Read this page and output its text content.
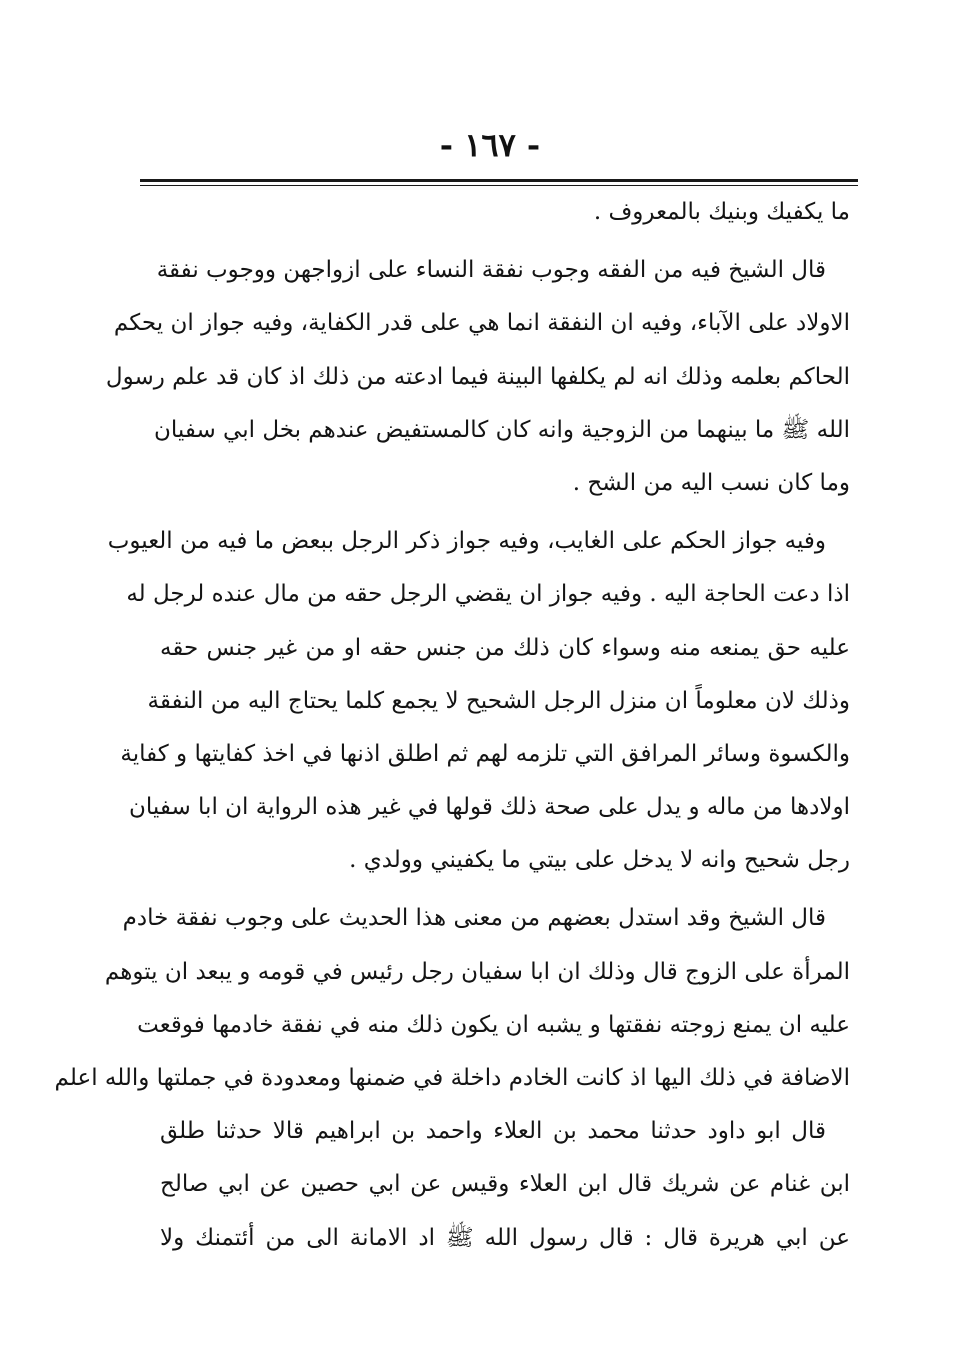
- ١٦٧ -
ما يكفيك وبنيك بالمعروف .
قال الشيخ فيه من الفقه وجوب نفقة النساء على ازواجهن ووجوب نفقة
الاولاد على الآباء، وفيه ان النفقة انما هي على قدر الكفاية، وفيه جواز ان يحكم
الحاكم بعلمه وذلك انه لم يكلفها البينة فيما ادعته من ذلك اذ كان قد علم رسول
الله ﷺ ما بينهما من الزوجية وانه كان كالمستفيض عندهم بخل ابي سفيان
وما كان نسب اليه من الشح .
وفيه جواز الحكم على الغايب، وفيه جواز ذكر الرجل ببعض ما فيه من العيوب
اذا دعت الحاجة اليه . وفيه جواز ان يقضي الرجل حقه من مال عنده لرجل له
عليه حق يمنعه منه وسواء كان ذلك من جنس حقه او من غير جنس حقه
وذلك لان معلوماً ان منزل الرجل الشحيح لا يجمع كلما يحتاج اليه من النفقة
والكسوة وسائر المرافق التي تلزمه لهم ثم اطلق اذنها في اخذ كفايتها و كفاية
اولادها من ماله و يدل على صحة ذلك قولها في غير هذه الرواية ان ابا سفيان
رجل شحيح وانه لا يدخل على بيتي ما يكفيني وولدي .
قال الشيخ وقد استدل بعضهم من معنى هذا الحديث على وجوب نفقة خادم
المرأة على الزوج قال وذلك ان ابا سفيان رجل رئيس في قومه و يبعد ان يتوهم
عليه ان يمنع زوجته نفقتها و يشبه ان يكون ذلك منه في نفقة خادمها فوقعت
الاضافة في ذلك اليها اذ كانت الخادم داخلة في ضمنها ومعدودة في جملتها والله اعلم
قال ابو داود حدثنا محمد بن العلاء واحمد بن ابراهيم قالا حدثنا طلق
ابن غنام عن شريك قال ابن العلاء وقيس عن ابي حصين عن ابي صالح
عن ابي هريرة قال : قال رسول الله ﷺ اد الامانة الى من أئتمنك ولا
